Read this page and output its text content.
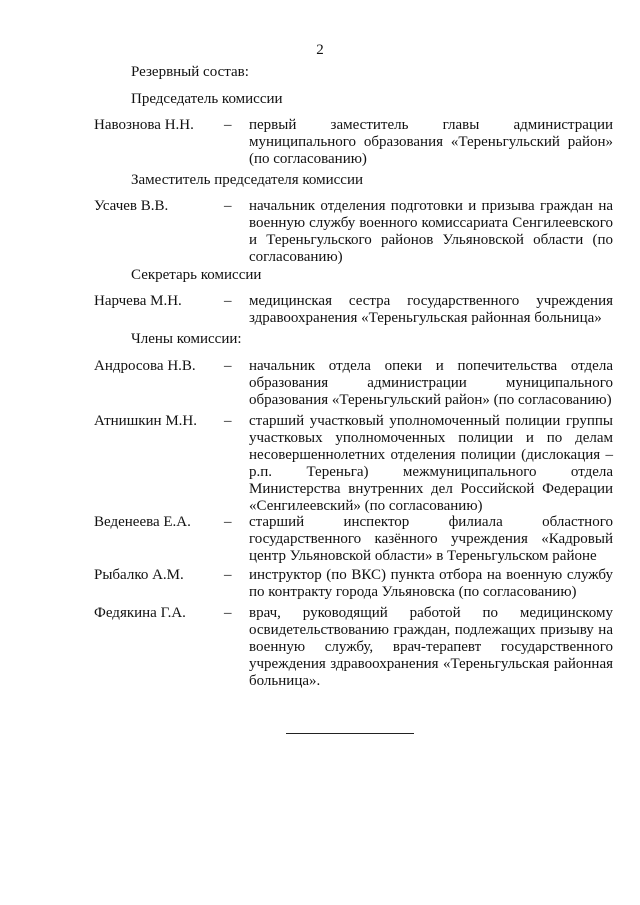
2
Резервный состав:
Председатель комиссии
Навознова Н.Н. – первый заместитель главы администрации муниципального образования «Тереньгульский район» (по согласованию)
Заместитель председателя комиссии
Усачев В.В.	– начальник отделения подготовки и призыва граждан на военную службу военного комиссариата Сенгилеевского и Тереньгульского районов Ульяновской области (по согласованию)
Секретарь комиссии
Нарчева М.Н.	– медицинская сестра государственного учреждения здравоохранения «Тереньгульская районная больница»
Члены комиссии:
Андросова Н.В. – начальник отдела опеки и попечительства отдела образования администрации муниципального образования «Тереньгульский район» (по согласованию)
Атнишкин М.Н. – старший участковый уполномоченный полиции группы участковых уполномоченных полиции и по делам несовершеннолетних отделения полиции (дислокация – р.п. Тереньга) межмуниципального отдела Министерства внутренних дел Российской Федерации «Сенгилеевский» (по согласованию)
Веденеева Е.А. – старший инспектор филиала областного государственного казённого учреждения «Кадровый центр Ульяновской области» в Тереньгульском районе
Рыбалко А.М.	– инструктор (по ВКС) пункта отбора на военную службу по контракту города Ульяновска (по согласованию)
Федякина Г.А.	– врач, руководящий работой по медицинскому освидетельствованию граждан, подлежащих призыву на военную службу, врач-терапевт государственного учреждения здравоохранения «Тереньгульская районная больница».
